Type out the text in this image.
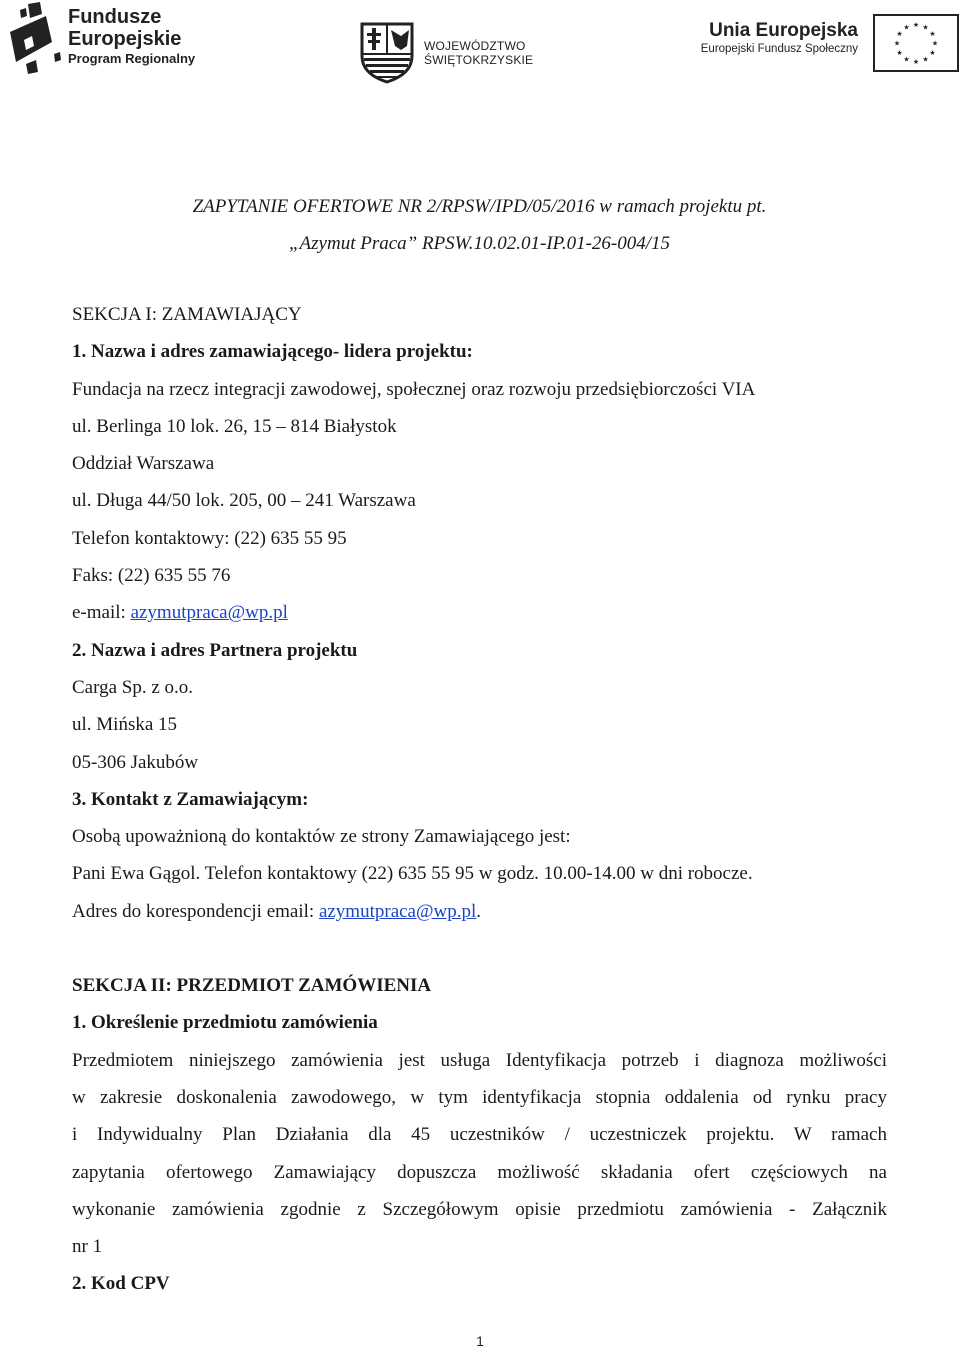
Fundusze
Europejskie
Program Regionalny
WOJEWÓDZTWO
ŚWIĘTOKRZYSKIE
Unia Europejska
Europejski Fundusz Społeczny
★ ★
★
★
★
★
★
★
★
★
★
★
ZAPYTANIE OFERTOWE NR 2/RPSW/IPD/05/2016 w ramach projektu pt.
„Azymut Praca” RPSW.10.02.01-IP.01-26-004/15
SEKCJA I: ZAMAWIAJĄCY
1. Nazwa i adres zamawiającego- lidera projektu:
Fundacja na rzecz integracji zawodowej, społecznej oraz rozwoju przedsiębiorczości VIA
ul. Berlinga 10 lok. 26, 15 – 814 Białystok
Oddział Warszawa
ul. Długa 44/50 lok. 205, 00 – 241 Warszawa
Telefon kontaktowy: (22) 635 55 95
Faks: (22) 635 55 76
e-mail: azymutpraca@wp.pl
2. Nazwa i adres Partnera projektu
Carga Sp. z o.o.
ul. Mińska 15
05-306 Jakubów
3. Kontakt z Zamawiającym:
Osobą upoważnioną do kontaktów ze strony Zamawiającego jest:
Pani Ewa Gągol. Telefon kontaktowy (22) 635 55 95 w godz. 10.00-14.00 w dni robocze.
Adres do korespondencji email: azymutpraca@wp.pl.
SEKCJA II: PRZEDMIOT ZAMÓWIENIA
1. Określenie przedmiotu zamówienia
Przedmiotem niniejszego zamówienia jest usługa Identyfikacja potrzeb i diagnoza możliwości
w zakresie doskonalenia zawodowego, w tym identyfikacja stopnia oddalenia od rynku pracy
i Indywidualny Plan Działania dla 45 uczestników / uczestniczek projektu. W ramach
zapytania ofertowego Zamawiający dopuszcza możliwość składania ofert częściowych na
wykonanie zamówienia zgodnie z Szczegółowym opisie przedmiotu zamówienia - Załącznik
nr 1
2. Kod CPV
1
